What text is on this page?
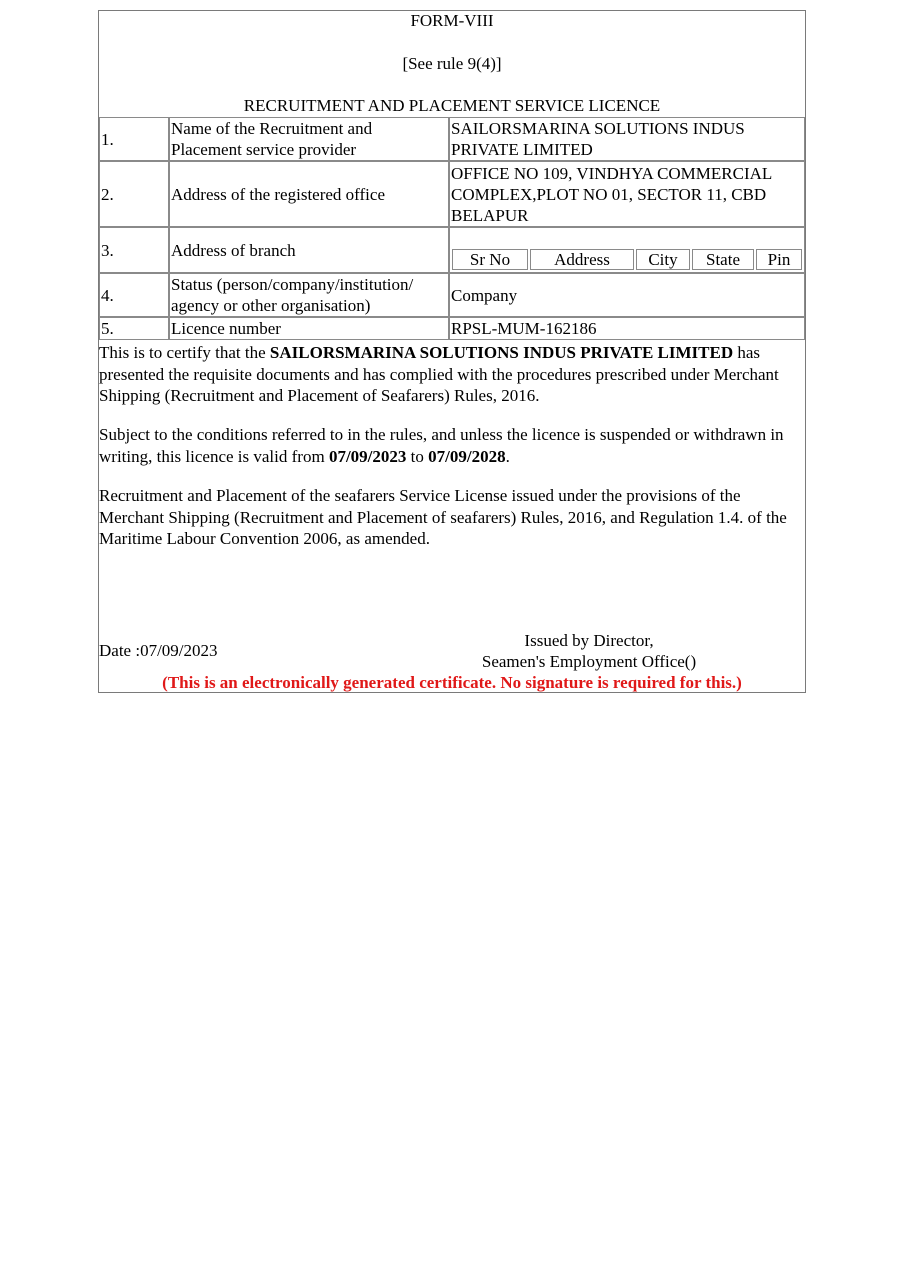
FORM-VIII
[See rule 9(4)]
RECRUITMENT AND PLACEMENT SERVICE LICENCE
1.	Name of the Recruitment and Placement service provider	SAILORSMARINA SOLUTIONS INDUS PRIVATE LIMITED
2.	Address of the registered office	OFFICE NO 109, VINDHYA COMMERCIAL COMPLEX,PLOT NO 01, SECTOR 11, CBD BELAPUR
3.	Address of branch		Sr No	Address	City	State	Pin

4.	Status (person/company/institution/ agency or other organisation)	Company
5.	Licence number	RPSL-MUM-162186
This is to certify that the SAILORSMARINA SOLUTIONS INDUS PRIVATE LIMITED has presented the requisite documents and has complied with the procedures prescribed under Merchant Shipping (Recruitment and Placement of Seafarers) Rules, 2016.
Subject to the conditions referred to in the rules, and unless the licence is suspended or withdrawn in writing, this licence is valid from 07/09/2023 to 07/09/2028.
Recruitment and Placement of the seafarers Service License issued under the provisions of the Merchant Shipping (Recruitment and Placement of seafarers) Rules, 2016, and Regulation 1.4. of the Maritime Labour Convention 2006, as amended.
Date :07/09/2023
Issued by Director,
Seamen's Employment Office()
(This is an electronically generated certificate. No signature is required for this.)
